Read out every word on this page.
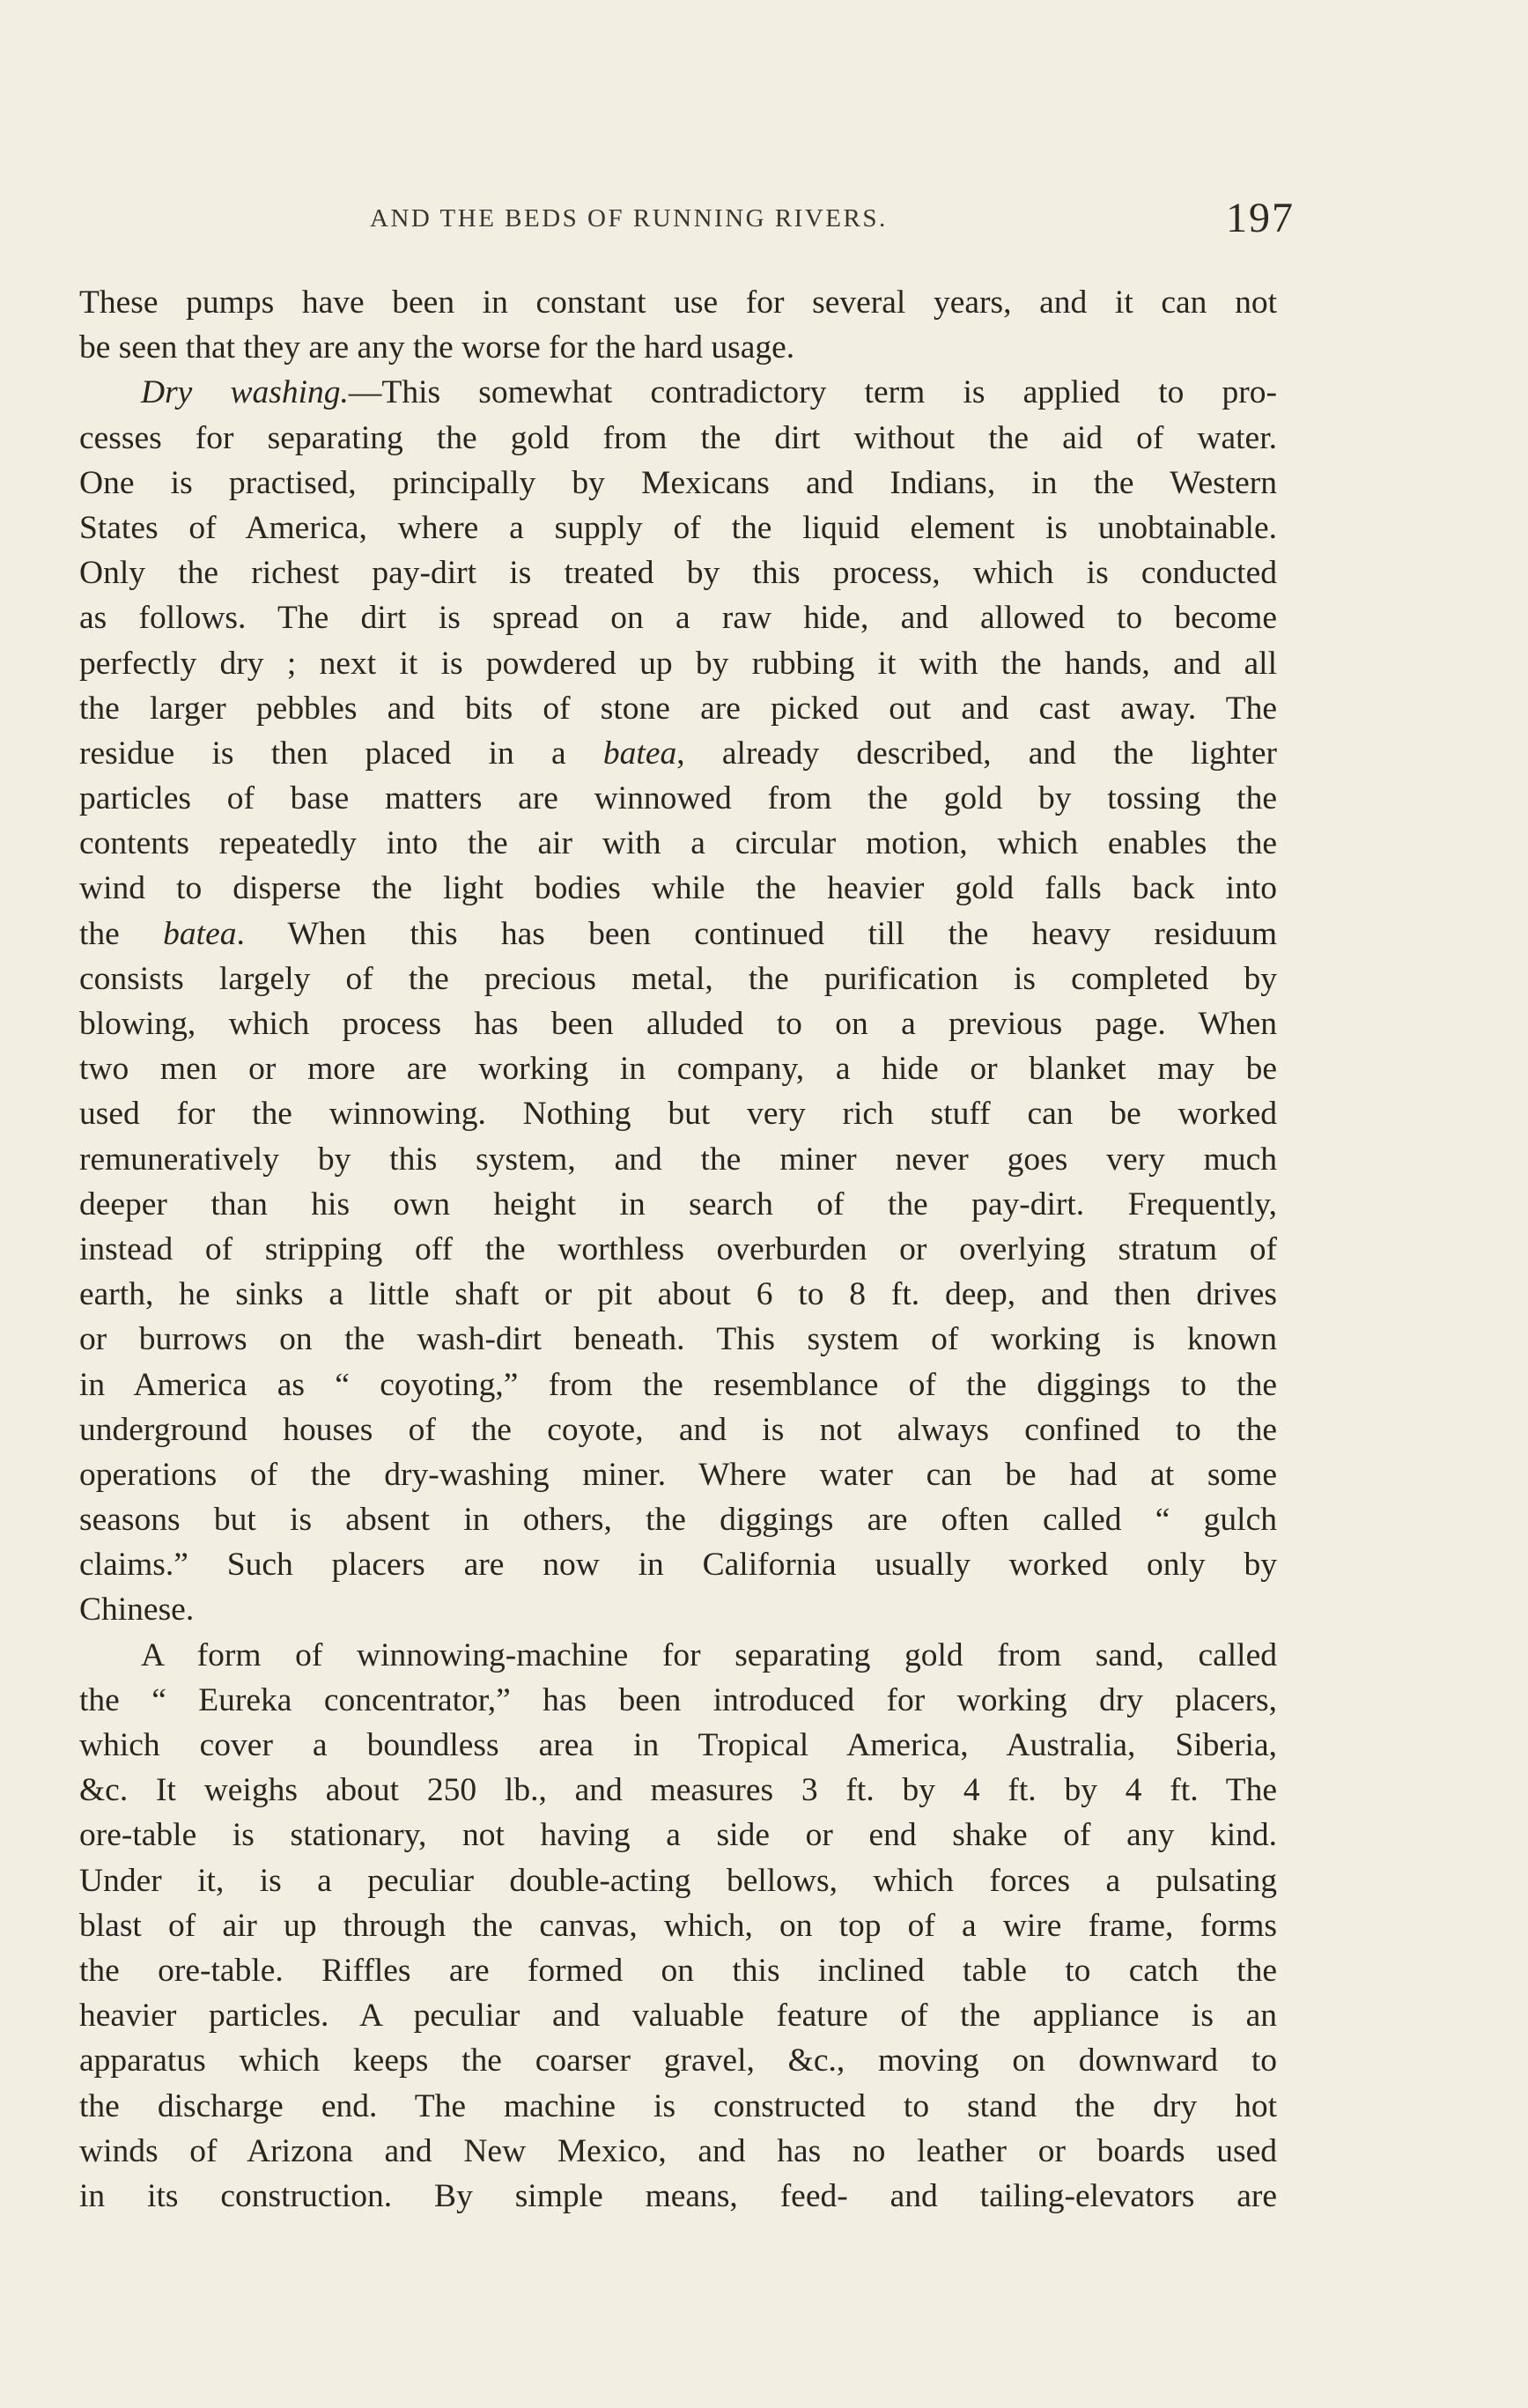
AND THE BEDS OF RUNNING RIVERS.	197
These pumps have been in constant use for several years, and it can not
be seen that they are any the worse for the hard usage.
Dry washing.—This somewhat contradictory term is applied to pro-
cesses for separating the gold from the dirt without the aid of water.
One is practised, principally by Mexicans and Indians, in the Western
States of America, where a supply of the liquid element is unobtainable.
Only the richest pay-dirt is treated by this process, which is conducted
as follows. The dirt is spread on a raw hide, and allowed to become
perfectly dry ; next it is powdered up by rubbing it with the hands, and all
the larger pebbles and bits of stone are picked out and cast away. The
residue is then placed in a batea, already described, and the lighter
particles of base matters are winnowed from the gold by tossing the
contents repeatedly into the air with a circular motion, which enables the
wind to disperse the light bodies while the heavier gold falls back into
the batea. When this has been continued till the heavy residuum
consists largely of the precious metal, the purification is completed by
blowing, which process has been alluded to on a previous page. When
two men or more are working in company, a hide or blanket may be
used for the winnowing. Nothing but very rich stuff can be worked
remuneratively by this system, and the miner never goes very much
deeper than his own height in search of the pay-dirt. Frequently,
instead of stripping off the worthless overburden or overlying stratum of
earth, he sinks a little shaft or pit about 6 to 8 ft. deep, and then drives
or burrows on the wash-dirt beneath. This system of working is known
in America as “ coyoting,” from the resemblance of the diggings to the
underground houses of the coyote, and is not always confined to the
operations of the dry-washing miner. Where water can be had at some
seasons but is absent in others, the diggings are often called “ gulch
claims.” Such placers are now in California usually worked only by
Chinese.
A form of winnowing-machine for separating gold from sand, called
the “ Eureka concentrator,” has been introduced for working dry placers,
which cover a boundless area in Tropical America, Australia, Siberia,
&c. It weighs about 250 lb., and measures 3 ft. by 4 ft. by 4 ft. The
ore-table is stationary, not having a side or end shake of any kind.
Under it, is a peculiar double-acting bellows, which forces a pulsating
blast of air up through the canvas, which, on top of a wire frame, forms
the ore-table. Riffles are formed on this inclined table to catch the
heavier particles. A peculiar and valuable feature of the appliance is an
apparatus which keeps the coarser gravel, &c., moving on downward to
the discharge end. The machine is constructed to stand the dry hot
winds of Arizona and New Mexico, and has no leather or boards used
in its construction. By simple means, feed- and tailing-elevators are
